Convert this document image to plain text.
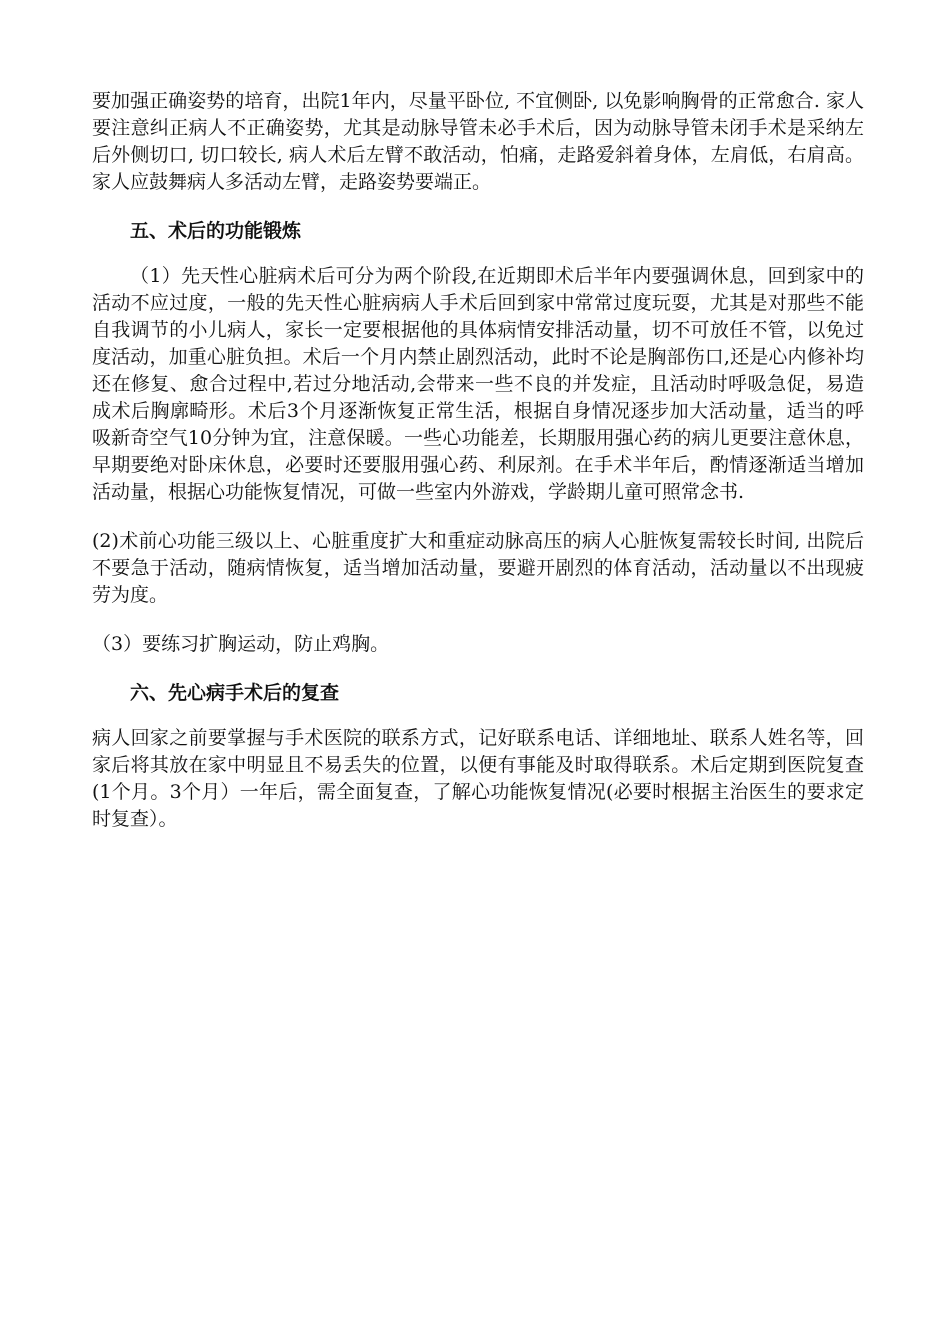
要加强正确姿势的培育，出院1年内，尽量平卧位, 不宜侧卧, 以免影响胸骨的正常愈合. 家人要注意纠正病人不正确姿势，尤其是动脉导管未必手术后，因为动脉导管未闭手术是采纳左后外侧切口, 切口较长, 病人术后左臂不敢活动，怕痛，走路爱斜着身体，左肩低，右肩高。家人应鼓舞病人多活动左臂，走路姿势要端正。

五、术后的功能锻炼

（1）先天性心脏病术后可分为两个阶段,在近期即术后半年内要强调休息，回到家中的活动不应过度，一般的先天性心脏病病人手术后回到家中常常过度玩耍，尤其是对那些不能自我调节的小儿病人，家长一定要根据他的具体病情安排活动量，切不可放任不管，以免过度活动，加重心脏负担。术后一个月内禁止剧烈活动，此时不论是胸部伤口,还是心内修补均还在修复、愈合过程中,若过分地活动,会带来一些不良的并发症，且活动时呼吸急促，易造成术后胸廓畸形。术后3个月逐渐恢复正常生活，根据自身情况逐步加大活动量，适当的呼吸新奇空气10分钟为宜，注意保暖。一些心功能差，长期服用强心药的病儿更要注意休息，早期要绝对卧床休息，必要时还要服用强心药、利尿剂。在手术半年后，酌情逐渐适当增加活动量，根据心功能恢复情况，可做一些室内外游戏，学龄期儿童可照常念书.

(2)术前心功能三级以上、心脏重度扩大和重症动脉高压的病人心脏恢复需较长时间, 出院后不要急于活动，随病情恢复，适当增加活动量，要避开剧烈的体育活动，活动量以不出现疲劳为度。

（3）要练习扩胸运动，防止鸡胸。

六、先心病手术后的复查

病人回家之前要掌握与手术医院的联系方式，记好联系电话、详细地址、联系人姓名等，回家后将其放在家中明显且不易丢失的位置，以便有事能及时取得联系。术后定期到医院复查(1个月。3个月）一年后，需全面复查，了解心功能恢复情况(必要时根据主治医生的要求定时复查）。
